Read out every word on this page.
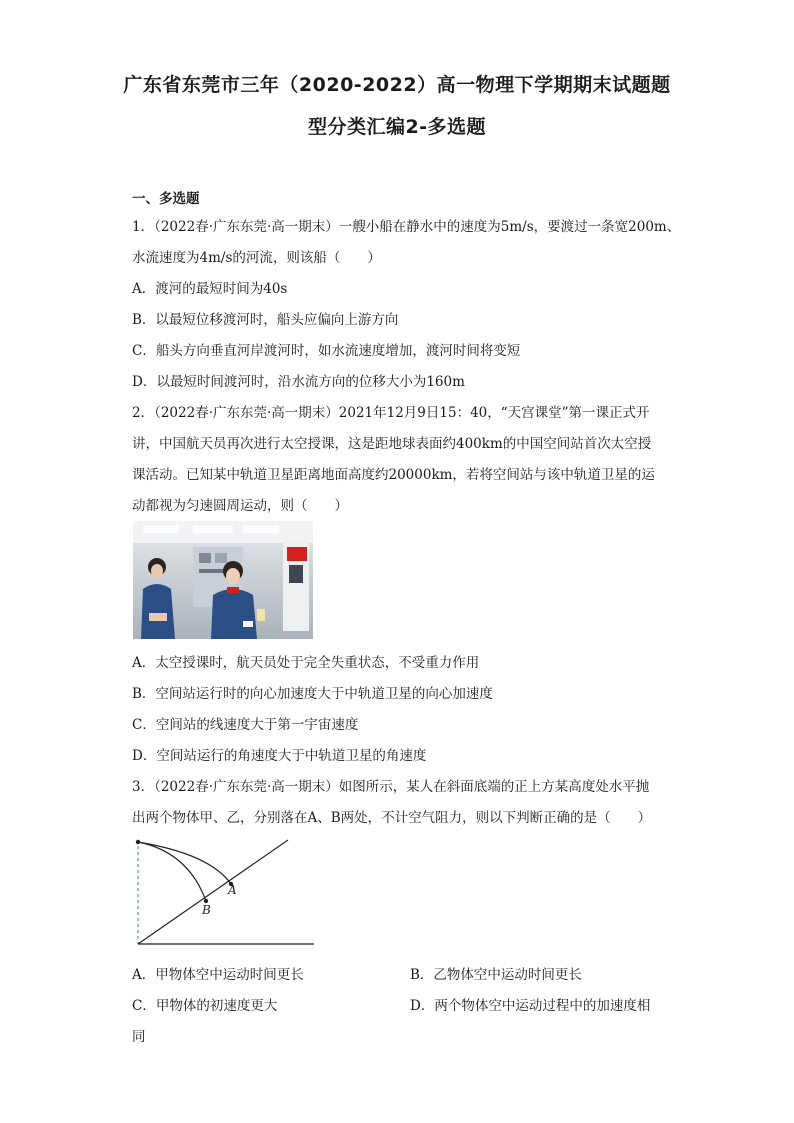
广东省东莞市三年（2020-2022）高一物理下学期期末试题题
型分类汇编2-多选题
一、多选题
1．（2022春·广东东莞·高一期末）一艘小船在静水中的速度为5m/s，要渡过一条宽200m、
水流速度为4m/s的河流，则该船（　　）
A．渡河的最短时间为40s
B．以最短位移渡河时，船头应偏向上游方向
C．船头方向垂直河岸渡河时，如水流速度增加，渡河时间将变短
D．以最短时间渡河时，沿水流方向的位移大小为160m
2．（2022春·广东东莞·高一期末）2021年12月9日15：40，“天宫课堂”第一课正式开
讲，中国航天员再次进行太空授课，这是距地球表面约400km的中国空间站首次太空授
课活动。已知某中轨道卫星距离地面高度约20000km，若将空间站与该中轨道卫星的运
动都视为匀速圆周运动，则（　　）
A．太空授课时，航天员处于完全失重状态，不受重力作用
B．空间站运行时的向心加速度大于中轨道卫星的向心加速度
C．空间站的线速度大于第一宇宙速度
D．空间站运行的角速度大于中轨道卫星的角速度
3．（2022春·广东东莞·高一期末）如图所示，某人在斜面底端的正上方某高度处水平抛
出两个物体甲、乙，分别落在A、B两处，不计空气阻力，则以下判断正确的是（　　）
A
B
A．甲物体空中运动时间更长	B．乙物体空中运动时间更长
C．甲物体的初速度更大	D．两个物体空中运动过程中的加速度相
同
